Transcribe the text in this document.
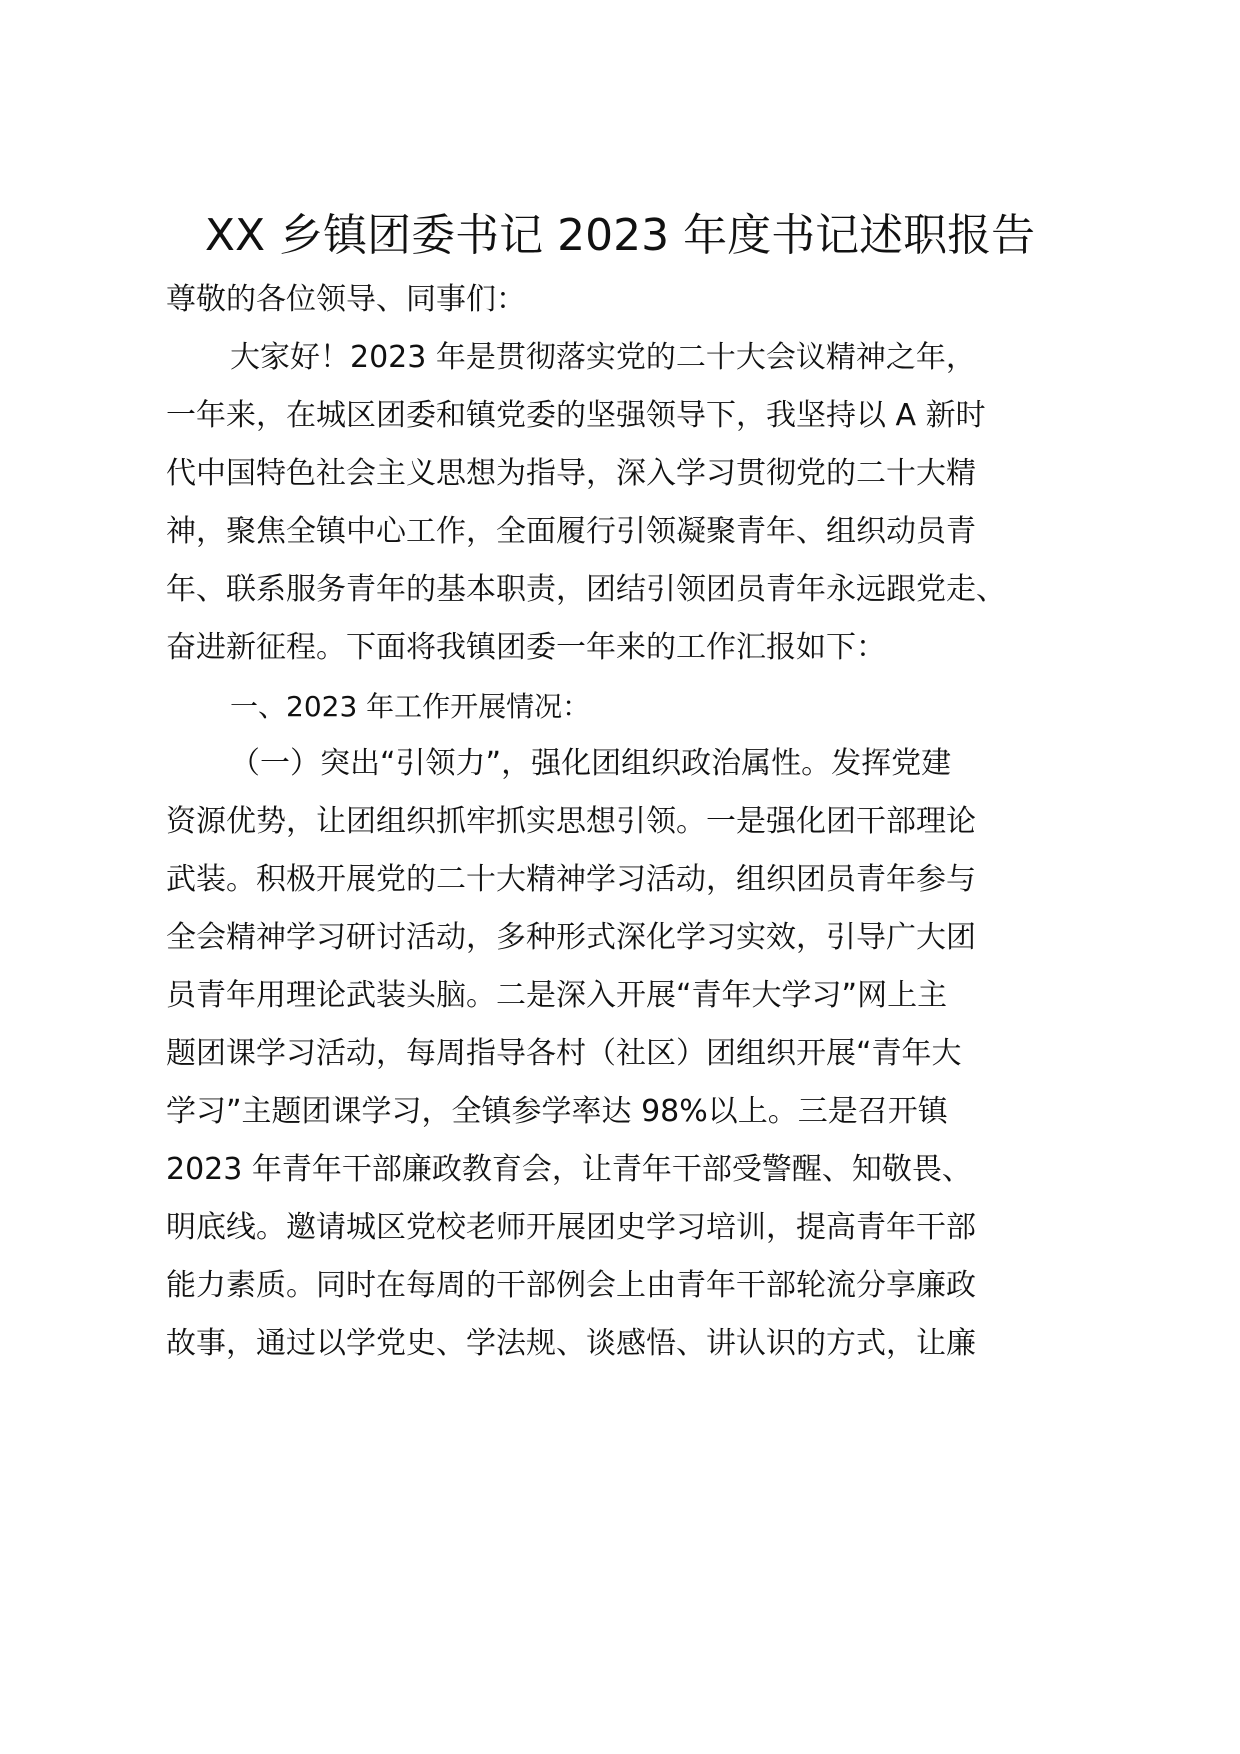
XX 乡镇团委书记 2023 年度书记述职报告
尊敬的各位领导、同事们：
大家好！2023 年是贯彻落实党的二十大会议精神之年，
一年来，在城区团委和镇党委的坚强领导下，我坚持以 A 新时
代中国特色社会主义思想为指导，深入学习贯彻党的二十大精
神，聚焦全镇中心工作，全面履行引领凝聚青年、组织动员青
年、联系服务青年的基本职责，团结引领团员青年永远跟党走、
奋进新征程。下面将我镇团委一年来的工作汇报如下：
一、2023 年工作开展情况：
（一）突出“引领力”，强化团组织政治属性。发挥党建
资源优势，让团组织抓牢抓实思想引领。一是强化团干部理论
武装。积极开展党的二十大精神学习活动，组织团员青年参与
全会精神学习研讨活动，多种形式深化学习实效，引导广大团
员青年用理论武装头脑。二是深入开展“青年大学习”网上主
题团课学习活动，每周指导各村（社区）团组织开展“青年大
学习”主题团课学习，全镇参学率达 98%以上。三是召开镇
2023 年青年干部廉政教育会，让青年干部受警醒、知敬畏、
明底线。邀请城区党校老师开展团史学习培训，提高青年干部
能力素质。同时在每周的干部例会上由青年干部轮流分享廉政
故事，通过以学党史、学法规、谈感悟、讲认识的方式，让廉
